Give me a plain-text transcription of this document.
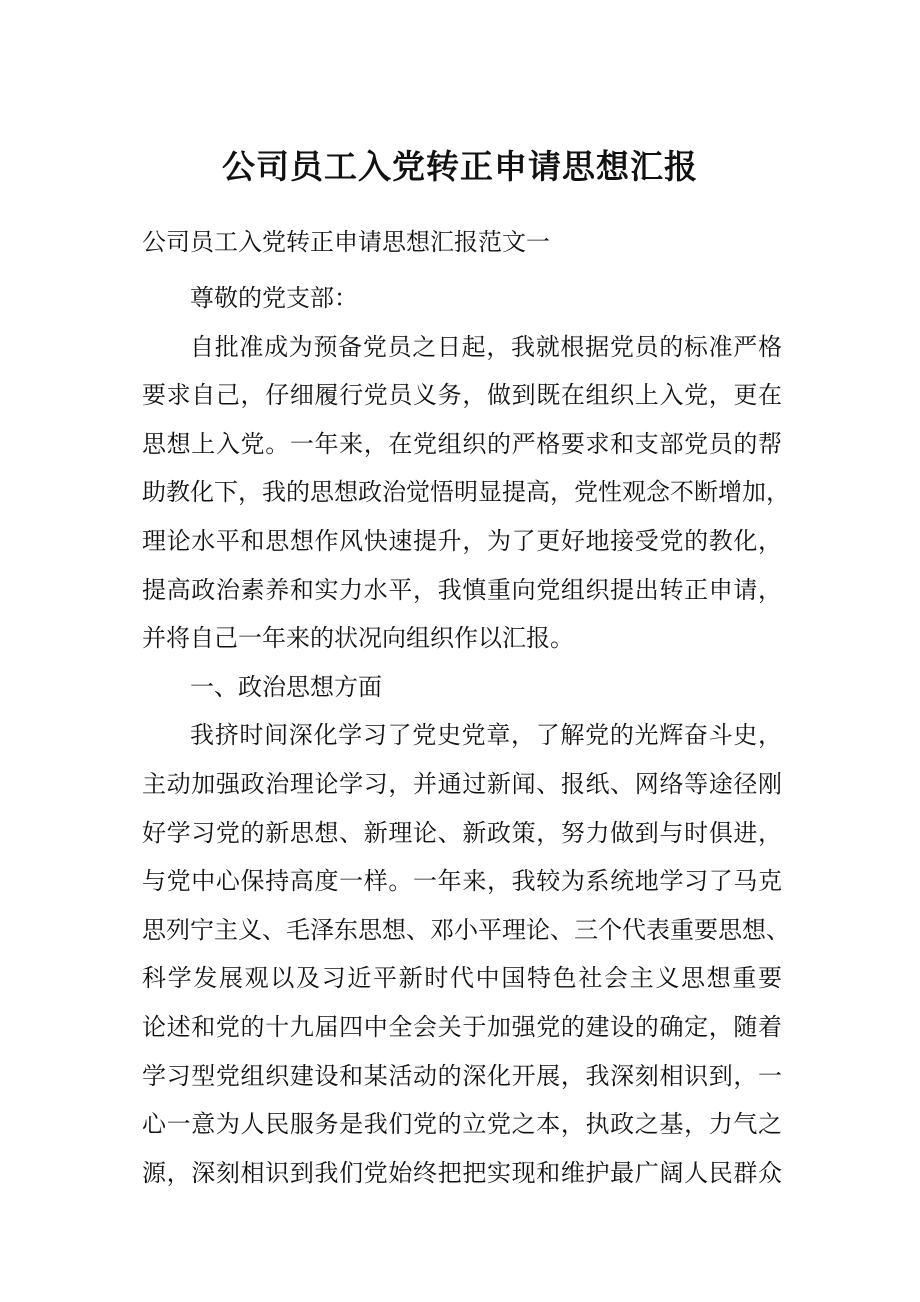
公司员工入党转正申请思想汇报

公司员工入党转正申请思想汇报范文一

尊敬的党支部：
自批准成为预备党员之日起，我就根据党员的标准严格
要求自己，仔细履行党员义务，做到既在组织上入党，更在
思想上入党。一年来，在党组织的严格要求和支部党员的帮
助教化下，我的思想政治觉悟明显提高，党性观念不断增加，
理论水平和思想作风快速提升，为了更好地接受党的教化，
提高政治素养和实力水平，我慎重向党组织提出转正申请，
并将自己一年来的状况向组织作以汇报。
一、政治思想方面
我挤时间深化学习了党史党章，了解党的光辉奋斗史，
主动加强政治理论学习，并通过新闻、报纸、网络等途径刚
好学习党的新思想、新理论、新政策，努力做到与时俱进，
与党中心保持高度一样。一年来，我较为系统地学习了马克
思列宁主义、毛泽东思想、邓小平理论、三个代表重要思想、
科学发展观以及习近平新时代中国特色社会主义思想重要
论述和党的十九届四中全会关于加强党的建设的确定，随着
学习型党组织建设和某活动的深化开展，我深刻相识到，一
心一意为人民服务是我们党的立党之本，执政之基，力气之
源，深刻相识到我们党始终把把实现和维护最广阔人民群众
